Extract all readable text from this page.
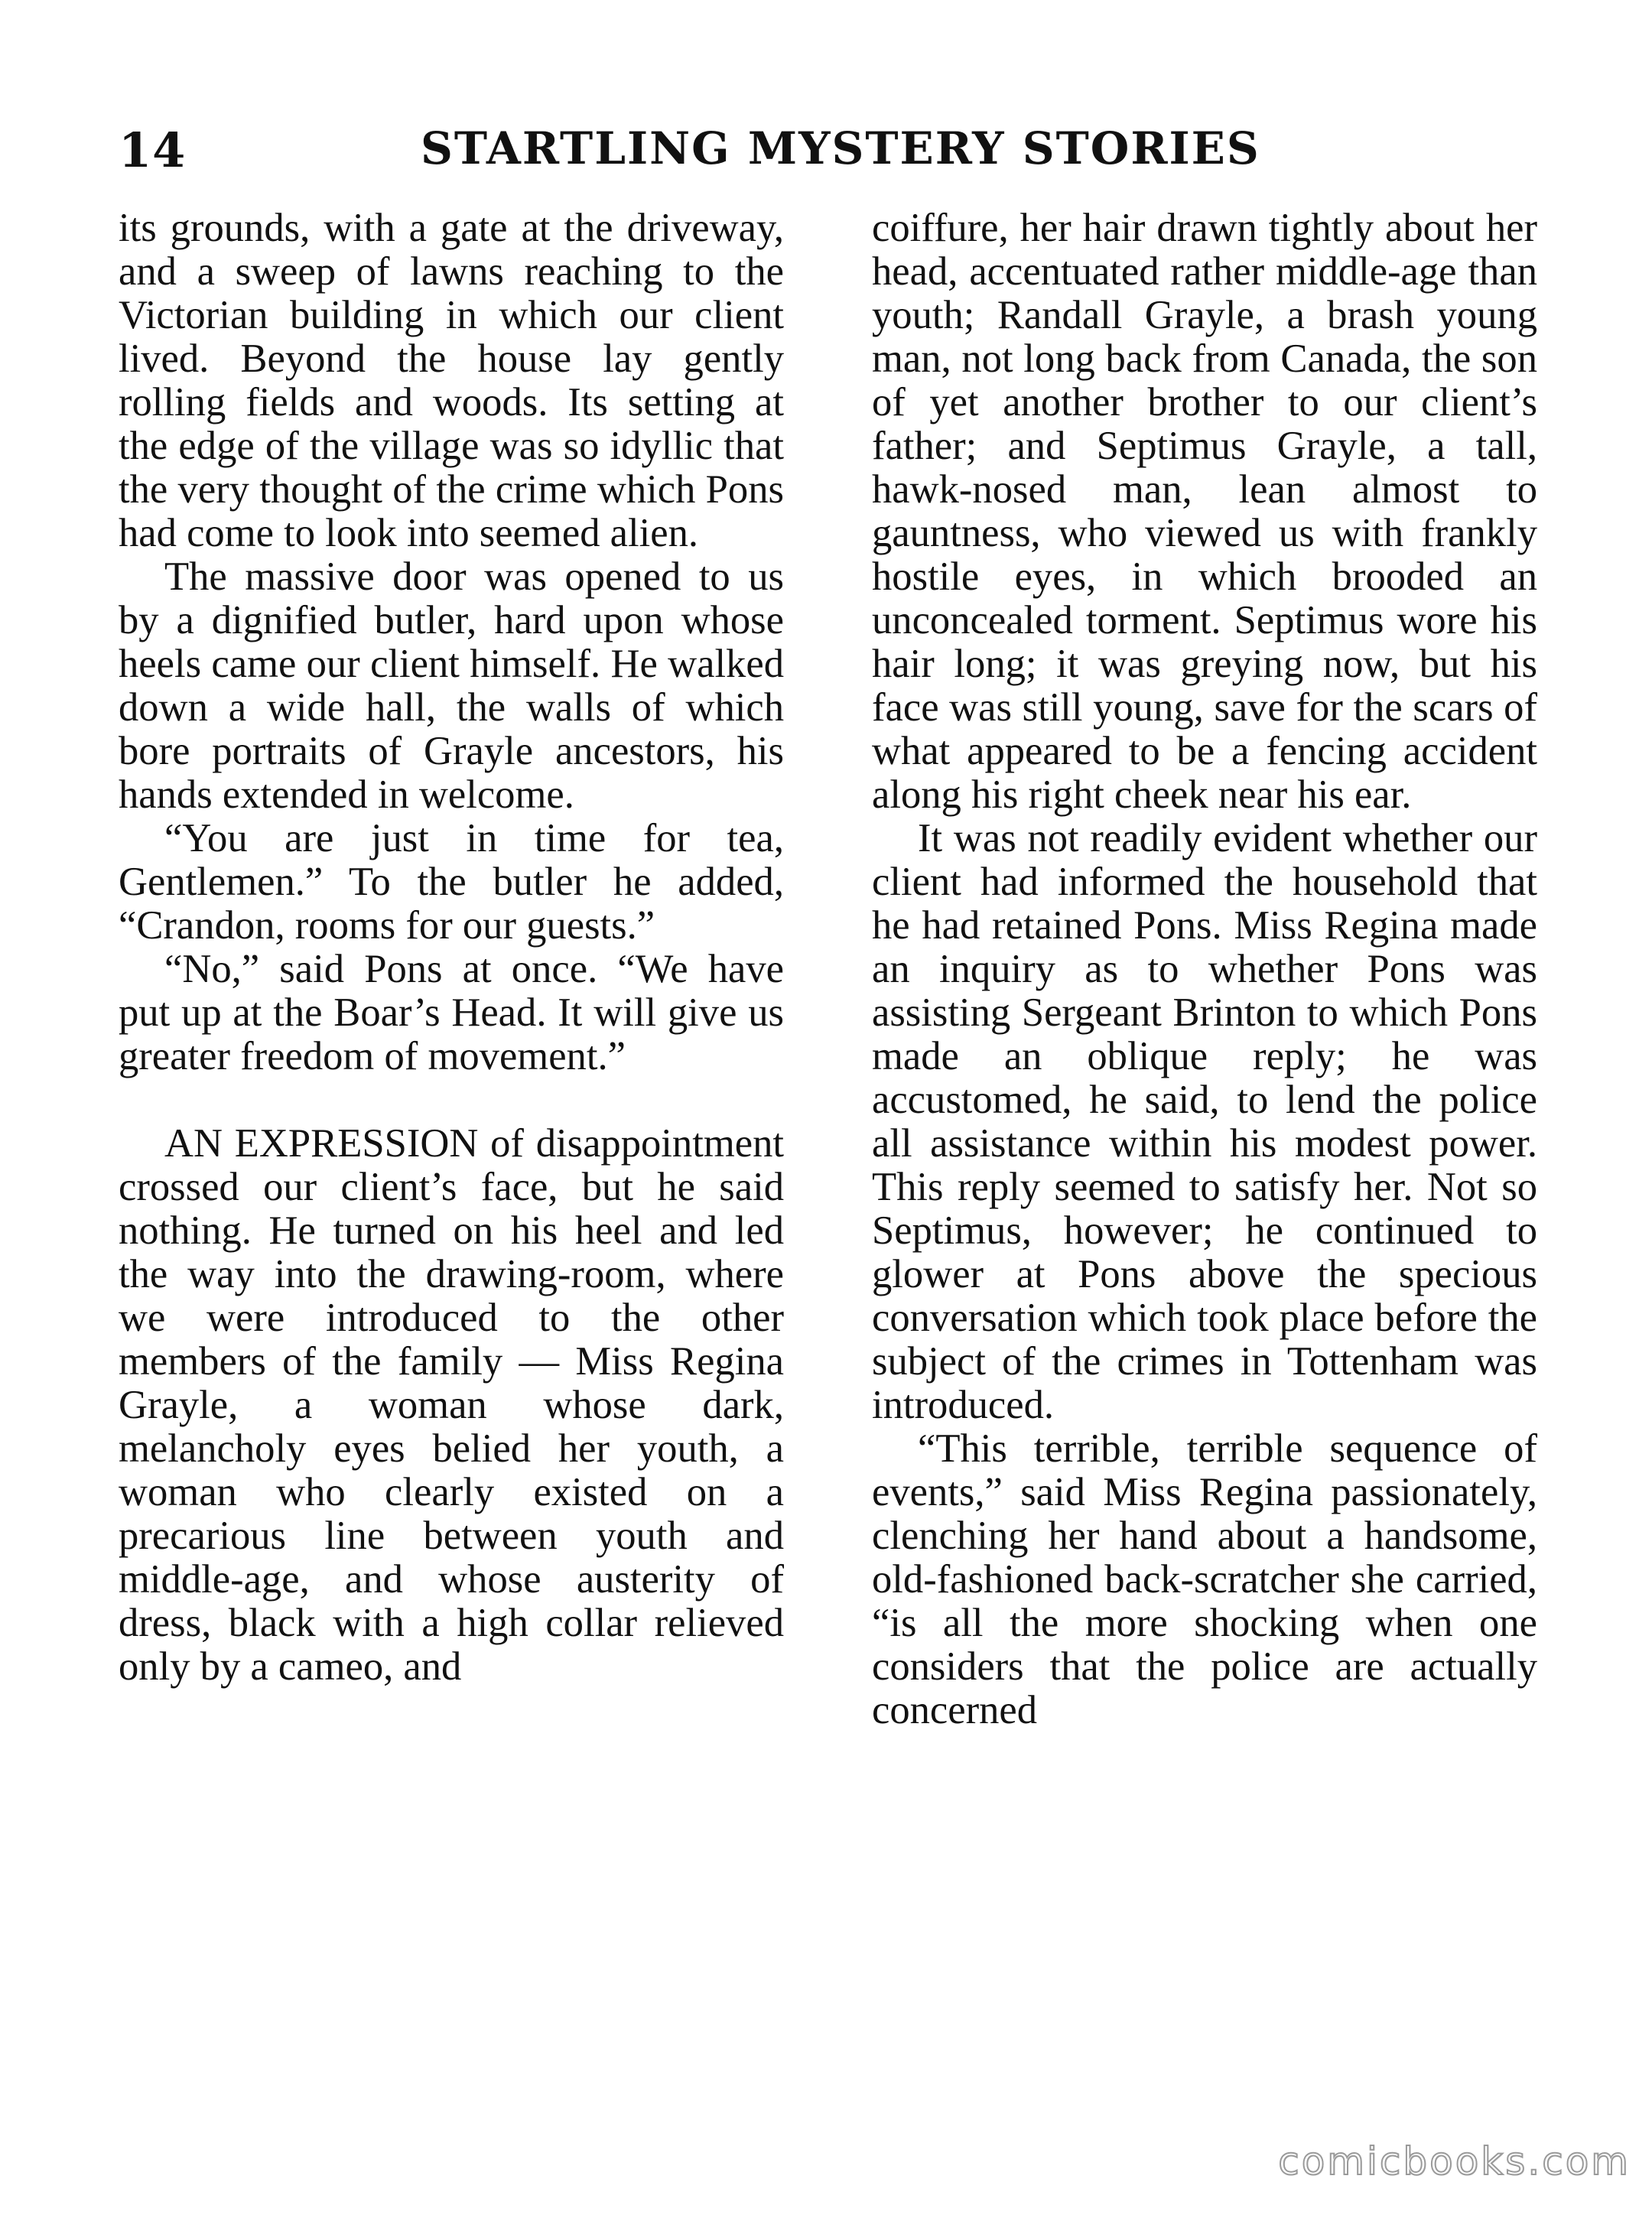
14	STARTLING MYSTERY STORIES

its grounds, with a gate at the driveway, and a sweep of lawns reaching to the Victorian building in which our client lived. Beyond the house lay gently rolling fields and woods. Its setting at the edge of the village was so idyllic that the very thought of the crime which Pons had come to look into seemed alien.

The massive door was opened to us by a dignified butler, hard upon whose heels came our client himself. He walked down a wide hall, the walls of which bore portraits of Grayle ancestors, his hands extended in welcome.

“You are just in time for tea, Gentlemen.” To the butler he added, “Crandon, rooms for our guests.”

“No,” said Pons at once. “We have put up at the Boar’s Head. It will give us greater freedom of movement.”

AN EXPRESSION of disappointment crossed our client’s face, but he said nothing. He turned on his heel and led the way into the drawing-room, where we were introduced to the other members of the family — Miss Regina Grayle, a woman whose dark, melancholy eyes belied her youth, a woman who clearly existed on a precarious line between youth and middle-age, and whose austerity of dress, black with a high collar relieved only by a cameo, and

coiffure, her hair drawn tightly about her head, accentuated rather middle-age than youth; Randall Grayle, a brash young man, not long back from Canada, the son of yet another brother to our client’s father; and Septimus Grayle, a tall, hawk-nosed man, lean almost to gauntness, who viewed us with frankly hostile eyes, in which brooded an unconcealed torment. Septimus wore his hair long; it was greying now, but his face was still young, save for the scars of what appeared to be a fencing accident along his right cheek near his ear.

It was not readily evident whether our client had informed the household that he had retained Pons. Miss Regina made an inquiry as to whether Pons was assisting Sergeant Brinton to which Pons made an oblique reply; he was accustomed, he said, to lend the police all assistance within his modest power. This reply seemed to satisfy her. Not so Septimus, however; he continued to glower at Pons above the specious conversation which took place before the subject of the crimes in Tottenham was introduced.

“This terrible, terrible sequence of events,” said Miss Regina passionately, clenching her hand about a handsome, old-fashioned back-scratcher she carried, “is all the more shocking when one considers that the police are actually concerned

comicbooks.com
